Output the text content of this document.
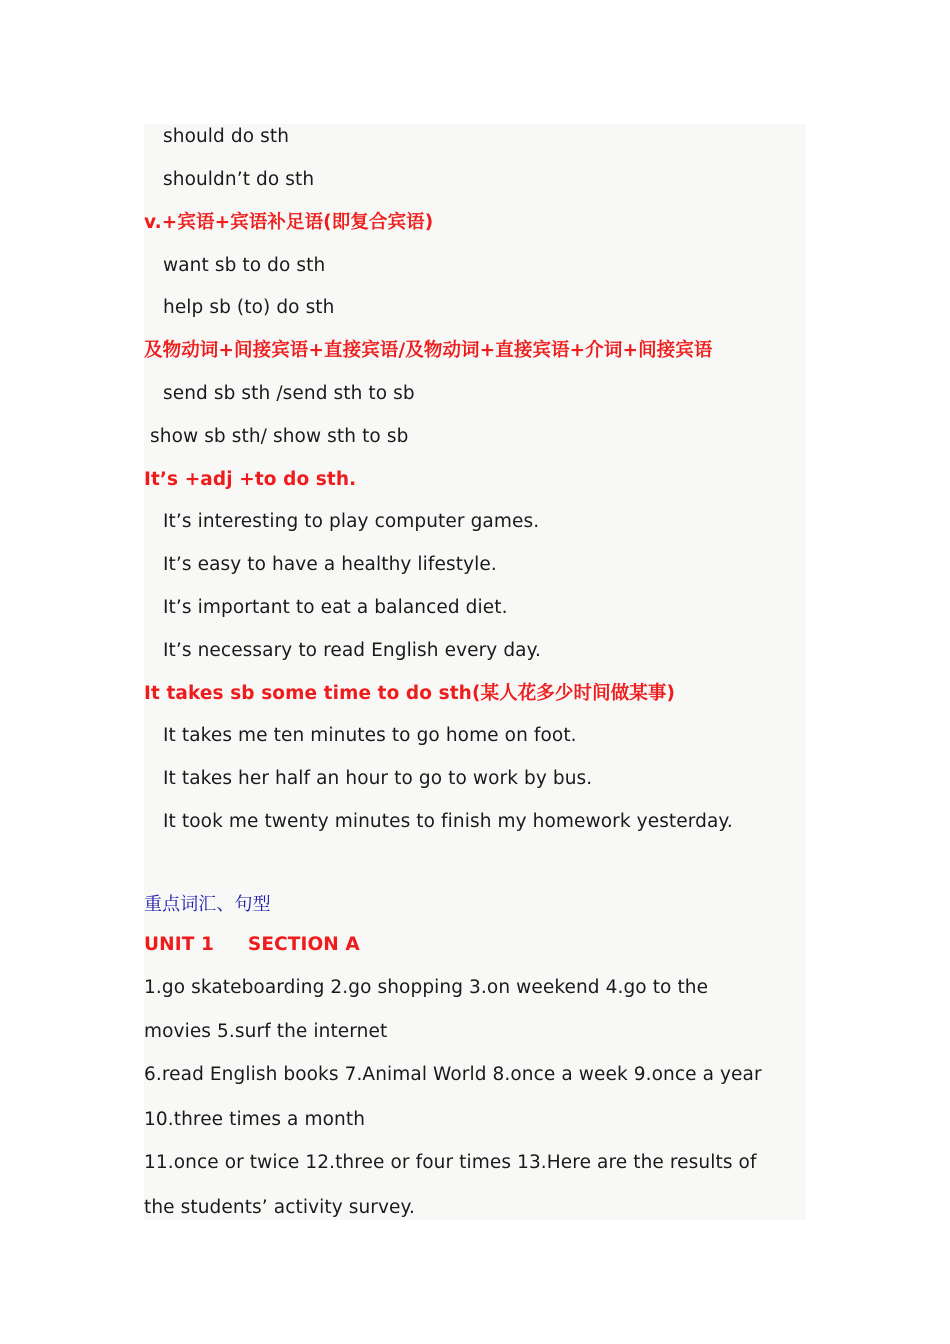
should do sth
shouldn’t do sth
v.+宾语+宾语补足语(即复合宾语)
want sb to do sth
help sb (to) do sth
及物动词+间接宾语+直接宾语/及物动词+直接宾语+介词+间接宾语
send sb sth /send sth to sb
show sb sth/ show sth to sb
It’s +adj +to do sth.
It’s interesting to play computer games.
It’s easy to have a healthy lifestyle.
It’s important to eat a balanced diet.
It’s necessary to read English every day.
It takes sb some time to do sth(某人花多少时间做某事)
It takes me ten minutes to go home on foot.
It takes her half an hour to go to work by bus.
It took me twenty minutes to finish my homework yesterday.
重点词汇、句型
UNIT 1 SECTION A
1.go skateboarding 2.go shopping 3.on weekend 4.go to the
movies 5.surf the internet
6.read English books 7.Animal World 8.once a week 9.once a year
10.three times a month
11.once or twice 12.three or four times 13.Here are the results of
the students’ activity survey.
